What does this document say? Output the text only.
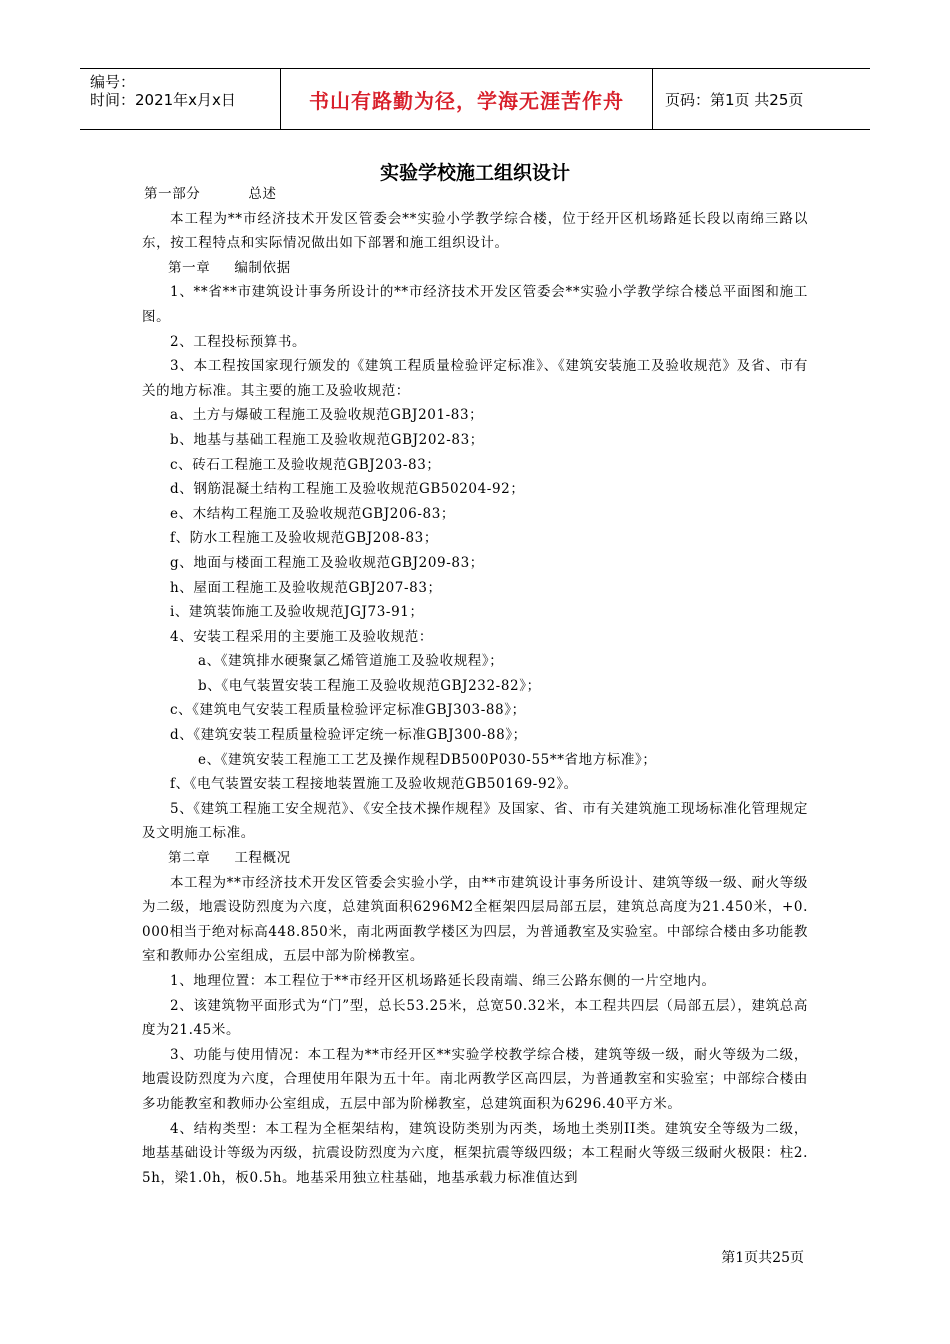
编号：
时间：2021年x月x日	书山有路勤为径，学海无涯苦作舟	页码：第1页 共25页
实验学校施工组织设计

第一部分	总述

本工程为**市经济技术开发区管委会**实验小学教学综合楼，位于经开区机场路延长段以南绵三路以东，按工程特点和实际情况做出如下部署和施工组织设计。

第一章 编制依据

1、**省**市建筑设计事务所设计的**市经济技术开发区管委会**实验小学教学综合楼总平面图和施工图。

2、工程投标预算书。

3、本工程按国家现行颁发的《建筑工程质量检验评定标准》、《建筑安装施工及验收规范》及省、市有关的地方标准。其主要的施工及验收规范：

a、土方与爆破工程施工及验收规范GBJ201-83；

b、地基与基础工程施工及验收规范GBJ202-83；

c、砖石工程施工及验收规范GBJ203-83；

d、钢筋混凝土结构工程施工及验收规范GB50204-92；

e、木结构工程施工及验收规范GBJ206-83；

f、防水工程施工及验收规范GBJ208-83；

g、地面与楼面工程施工及验收规范GBJ209-83；

h、屋面工程施工及验收规范GBJ207-83；

i、建筑装饰施工及验收规范JGJ73-91；

4、安装工程采用的主要施工及验收规范：

a、《建筑排水硬聚氯乙烯管道施工及验收规程》；

b、《电气装置安装工程施工及验收规范GBJ232-82》；

c、《建筑电气安装工程质量检验评定标准GBJ303-88》；

d、《建筑安装工程质量检验评定统一标准GBJ300-88》；

e、《建筑安装工程施工工艺及操作规程DB500P030-55**省地方标准》；

f、《电气装置安装工程接地装置施工及验收规范GB50169-92》。

5、《建筑工程施工安全规范》、《安全技术操作规程》及国家、省、市有关建筑施工现场标准化管理规定及文明施工标准。

第二章 工程概况

本工程为**市经济技术开发区管委会实验小学，由**市建筑设计事务所设计、建筑等级一级、耐火等级为二级，地震设防烈度为六度，总建筑面积6296M2全框架四层局部五层，建筑总高度为21.450米，+0.000相当于绝对标高448.850米，南北两面教学楼区为四层，为普通教室及实验室。中部综合楼由多功能教室和教师办公室组成，五层中部为阶梯教室。

1、地理位置：本工程位于**市经开区机场路延长段南端、绵三公路东侧的一片空地内。

2、该建筑物平面形式为“门”型，总长53.25米，总宽50.32米，本工程共四层（局部五层），建筑总高度为21.45米。

3、功能与使用情况：本工程为**市经开区**实验学校教学综合楼，建筑等级一级，耐火等级为二级，地震设防烈度为六度，合理使用年限为五十年。南北两教学区高四层，为普通教室和实验室；中部综合楼由多功能教室和教师办公室组成，五层中部为阶梯教室，总建筑面积为6296.40平方米。

4、结构类型：本工程为全框架结构，建筑设防类别为丙类，场地土类别II类。建筑安全等级为二级，地基基础设计等级为丙级，抗震设防烈度为六度，框架抗震等级四级；本工程耐火等级三级耐火极限：柱2.5h，梁1.0h，板0.5h。地基采用独立柱基础，地基承载力标准值达到

第1页共25页
